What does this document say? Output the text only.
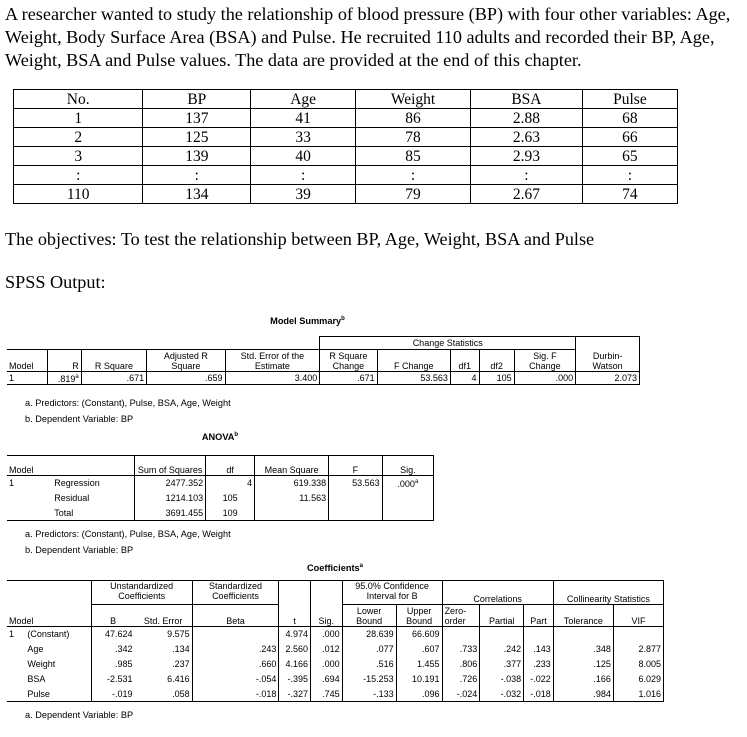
A researcher wanted to study the relationship of blood pressure (BP) with four other variables: Age, Weight, Body Surface Area (BSA) and Pulse. He recruited 110 adults and recorded their BP, Age, Weight, BSA and Pulse values. The data are provided at the end of this chapter.
No.	BP	Age	Weight	BSA	Pulse
1	137	41	86	2.88	68
2	125	33	78	2.63	66
3	139	40	85	2.93	65
:	:	:	:	:	:
110	134	39	79	2.67	74
The objectives: To test the relationship between BP, Age, Weight, BSA and Pulse
SPSS Output:
Model Summary$^b$
					Change Statistics					
Model	R	R Square	Adjusted R Square	Std. Error of the Estimate	R Square Change	F Change	df1	df2	Sig. F Change	Durbin-Watson
1	.819$^a$	.671	.659	3.400	.671	53.563	4	105	.000	2.073
a. Predictors: (Constant), Pulse, BSA, Age, Weight
b. Dependent Variable: BP
ANOVA$^b$
Model		Sum of Squares	df	Mean Square	F	Sig.
1	Regression	2477.352	4	619.338	53.563	.000$^a$
	Residual	1214.103	105	11.563		
	Total	3691.455	109			
a. Predictors: (Constant), Pulse, BSA, Age, Weight
b. Dependent Variable: BP
Coefficients$^a$
		Unstandardized Coefficients		Standardized Coefficients			95.0% Confidence Interval for B		Correlations			Collinearity Statistics	
Model		B	Std. Error	Beta	t	Sig.	Lower Bound	Upper Bound	Zero-order	Partial	Part	Tolerance	VIF
1	(Constant)	47.624	9.575		4.974	.000	28.639	66.609					
	Age	.342	.134	.243	2.560	.012	.077	.607	.733	.242	.143	.348	2.877
	Weight	.985	.237	.660	4.166	.000	.516	1.455	.806	.377	.233	.125	8.005
	BSA	-2.531	6.416	-.054	-.395	.694	-15.253	10.191	.726	-.038	-.022	.166	6.029
	Pulse	-.019	.058	-.018	-.327	.745	-.133	.096	-.024	-.032	-.018	.984	1.016
a. Dependent Variable: BP
